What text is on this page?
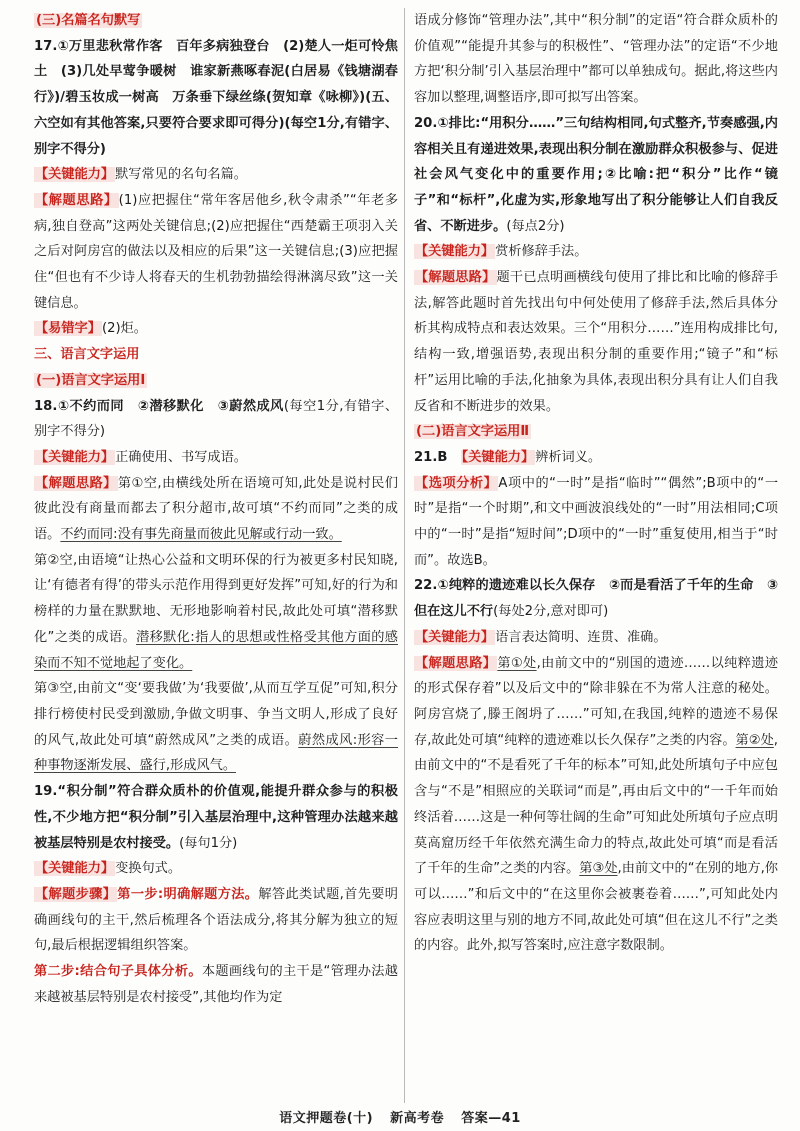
(三)名篇名句默写

17.①万里悲秋常作客　百年多病独登台　(2)楚人一炬可怜焦土　(3)几处早莺争暖树　谁家新燕啄春泥(白居易《钱塘湖春行》)/碧玉妆成一树高　万条垂下绿丝绦(贺知章《咏柳》)(五、六空如有其他答案,只要符合要求即可得分)(每空1分,有错字、别字不得分)

【关键能力】默写常见的名句名篇。

【解题思路】(1)应把握住“常年客居他乡,秋令肃杀”“年老多病,独自登高”这两处关键信息;(2)应把握住“西楚霸王项羽入关之后对阿房宫的做法以及相应的后果”这一关键信息;(3)应把握住“但也有不少诗人将春天的生机勃勃描绘得淋漓尽致”这一关键信息。

【易错字】(2)炬。

三、语言文字运用

(一)语言文字运用Ⅰ

18.①不约而同　②潜移默化　③蔚然成风(每空1分,有错字、别字不得分)

【关键能力】正确使用、书写成语。

【解题思路】第①空,由横线处所在语境可知,此处是说村民们彼此没有商量而都去了积分超市,故可填“不约而同”之类的成语。不约而同:没有事先商量而彼此见解或行动一致。

第②空,由语境“让热心公益和文明环保的行为被更多村民知晓,让‘有德者有得’的带头示范作用得到更好发挥”可知,好的行为和榜样的力量在默默地、无形地影响着村民,故此处可填“潜移默化”之类的成语。潜移默化:指人的思想或性格受其他方面的感染而不知不觉地起了变化。

第③空,由前文“变‘要我做’为‘我要做’,从而互学互促”可知,积分排行榜使村民受到激励,争做文明事、争当文明人,形成了良好的风气,故此处可填“蔚然成风”之类的成语。蔚然成风:形容一种事物逐渐发展、盛行,形成风气。

19.“积分制”符合群众质朴的价值观,能提升群众参与的积极性,不少地方把“积分制”引入基层治理中,这种管理办法越来越被基层特别是农村接受。(每句1分)

【关键能力】变换句式。

【解题步骤】第一步:明确解题方法。解答此类试题,首先要明确画线句的主干,然后梳理各个语法成分,将其分解为独立的短句,最后根据逻辑组织答案。

第二步:结合句子具体分析。本题画线句的主干是“管理办法越来越被基层特别是农村接受”,其他均作为定

语成分修饰“管理办法”,其中“积分制”的定语“符合群众质朴的价值观”“能提升其参与的积极性”、“管理办法”的定语“不少地方把‘积分制’引入基层治理中”都可以单独成句。据此,将这些内容加以整理,调整语序,即可拟写出答案。

20.①排比:“用积分……”三句结构相同,句式整齐,节奏感强,内容相关且有递进效果,表现出积分制在激励群众积极参与、促进社会风气变化中的重要作用;②比喻:把“积分”比作“镜子”和“标杆”,化虚为实,形象地写出了积分能够让人们自我反省、不断进步。(每点2分)

【关键能力】赏析修辞手法。

【解题思路】题干已点明画横线句使用了排比和比喻的修辞手法,解答此题时首先找出句中何处使用了修辞手法,然后具体分析其构成特点和表达效果。三个“用积分……”连用构成排比句,结构一致,增强语势,表现出积分制的重要作用;“镜子”和“标杆”运用比喻的手法,化抽象为具体,表现出积分具有让人们自我反省和不断进步的效果。

(二)语言文字运用Ⅱ

21.B　 【关键能力】辨析词义。

【选项分析】A项中的“一时”是指“临时”“偶然”;B项中的“一时”是指“一个时期”,和文中画波浪线处的“一时”用法相同;C项中的“一时”是指“短时间”;D项中的“一时”重复使用,相当于“时而”。故选B。

22.①纯粹的遗迹难以长久保存　②而是看活了千年的生命　③但在这儿不行(每处2分,意对即可)

【关键能力】语言表达简明、连贯、准确。

【解题思路】第①处,由前文中的“别国的遗迹……以纯粹遗迹的形式保存着”以及后文中的“除非躲在不为常人注意的秘处。阿房宫烧了,滕王阁坍了……”可知,在我国,纯粹的遗迹不易保存,故此处可填“纯粹的遗迹难以长久保存”之类的内容。第②处,由前文中的“不是看死了千年的标本”可知,此处所填句子中应包含与“不是”相照应的关联词“而是”,再由后文中的“一千年而始终活着……这是一种何等壮阔的生命”可知此处所填句子应点明莫高窟历经千年依然充满生命力的特点,故此处可填“而是看活了千年的生命”之类的内容。第③处,由前文中的“在别的地方,你可以……”和后文中的“在这里你会被裹卷着……”,可知此处内容应表明这里与别的地方不同,故此处可填“但在这儿不行”之类的内容。此外,拟写答案时,应注意字数限制。

语文押题卷(十) 新高考卷 答案—41
